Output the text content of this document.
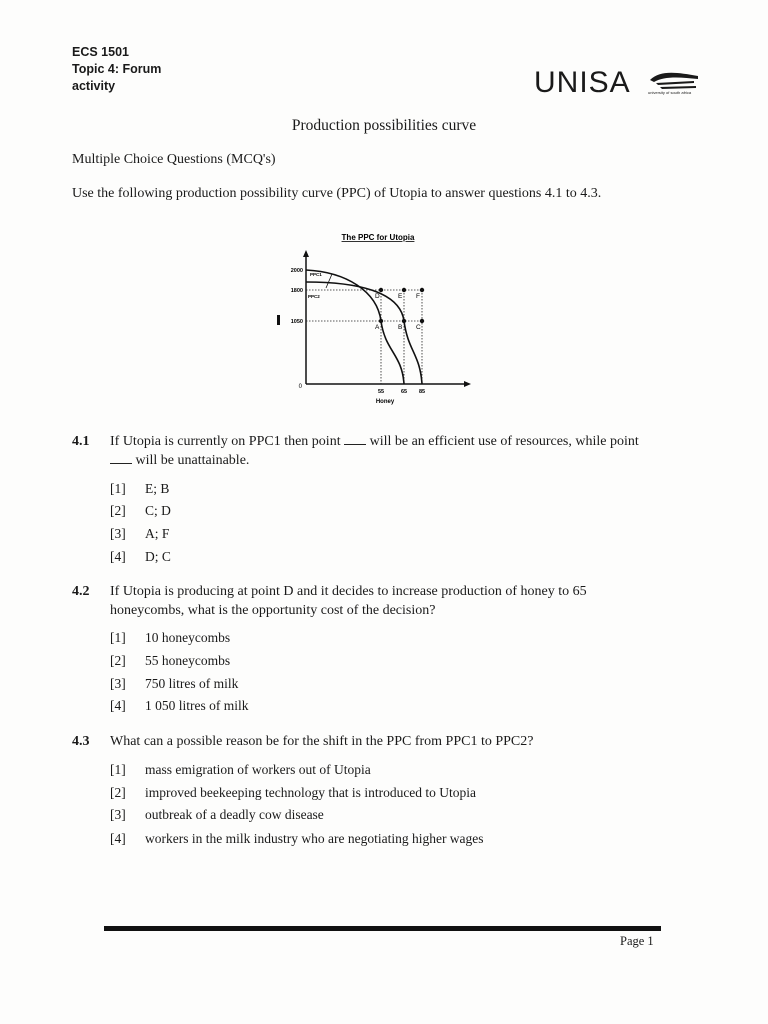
ECS 1501
Topic 4: Forum
activity	UNISA	university of south africa
Production possibilities curve
Multiple Choice Questions (MCQ's)
Use the following production possibility curve (PPC) of Utopia to answer questions 4.1 to 4.3.
The PPC for Utopia
0
2000
1800
1050
PPC1
PPC2	D	E F
A	B C
55	65 85
Honey
4.1 If Utopia is currently on PPC1 then point will be an efficient use of resources, while point
will be unattainable.
[1] E; B
[2] C; D
[3] A; F
[4] D; C
4.2 If Utopia is producing at point D and it decides to increase production of honey to 65
honeycombs, what is the opportunity cost of the decision?
[1] 10 honeycombs
[2] 55 honeycombs
[3] 750 litres of milk
[4] 1 050 litres of milk
4.3 What can a possible reason be for the shift in the PPC from PPC1 to PPC2?
[1] mass emigration of workers out of Utopia
[2] improved beekeeping technology that is introduced to Utopia
[3] outbreak of a deadly cow disease
[4] workers in the milk industry who are negotiating higher wages
Page 1
